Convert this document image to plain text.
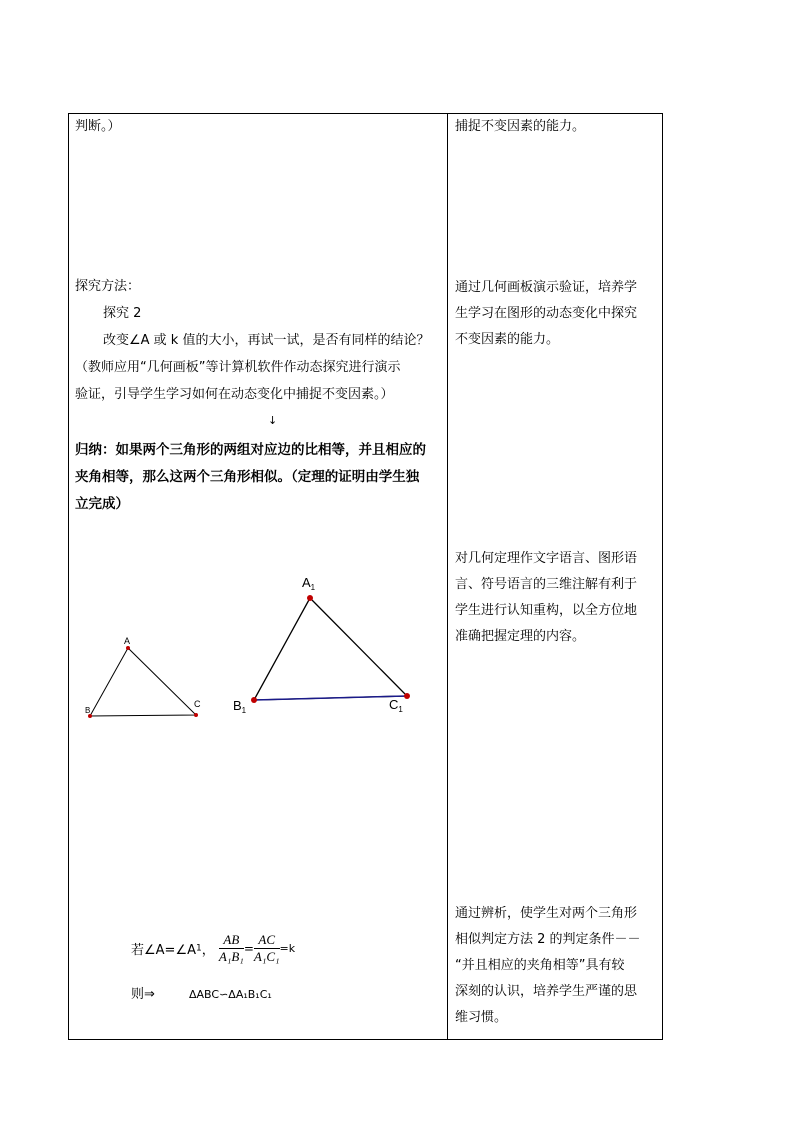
判断。）
探究方法：
探究 2
改变∠A 或 k 值的大小，再试一试，是否有同样的结论？
（教师应用“几何画板”等计算机软件作动态探究进行演示
验证，引导学生学习如何在动态变化中捕捉不变因素。）
↓
归纳：如果两个三角形的两组对应边的比相等，并且相应的
夹角相等，那么这两个三角形相似。（定理的证明由学生独
立完成）
A
B
C
$A_1$
$B_1$	$C_1$
若∠A=∠A1， $\frac{AB}{\text{A₁B₁}} = \frac{AC}{\text{A₁C₁}} =k$
则⇒	ΔABC∽ΔA₁B₁C₁
捕捉不变因素的能力。

通过几何画板演示验证，培养学

生学习在图形的动态变化中探究

不变因素的能力。

对几何定理作文字语言、图形语

言、符号语言的三维注解有利于

学生进行认知重构，以全方位地

准确把握定理的内容。

通过辨析，使学生对两个三角形

相似判定方法 2 的判定条件－－

“并且相应的夹角相等”具有较

深刻的认识，培养学生严谨的思

维习惯。
